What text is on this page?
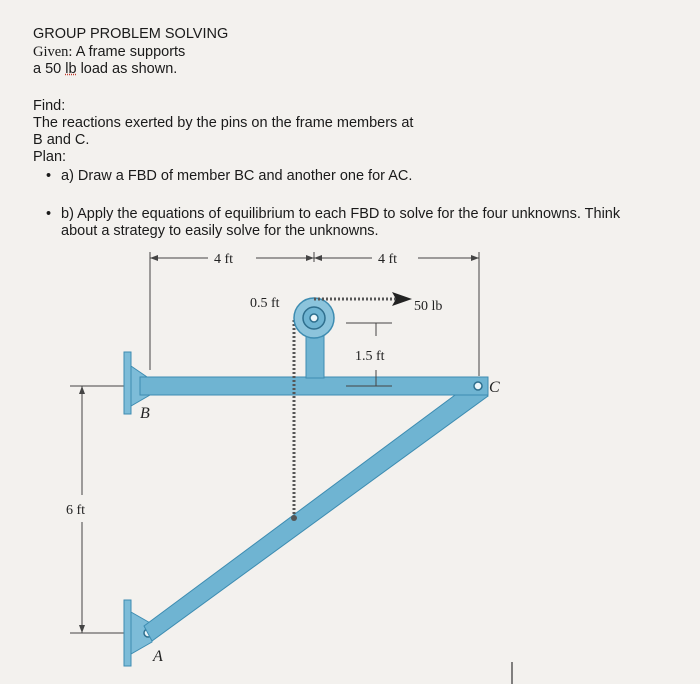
GROUP PROBLEM SOLVING
Given: A frame supports
a 50 lb load as shown.
Find:
The reactions exerted by the pins on the frame members at
B and C.
Plan:
• a) Draw a FBD of member BC and another one for AC.
• b) Apply the equations of equilibrium to each FBD to solve for the four unknowns. Think
about a strategy to easily solve for the unknowns.
4 ft	4 ft
6 ft
50 lb
0.5 ft
1.5 ft
B
A
C
